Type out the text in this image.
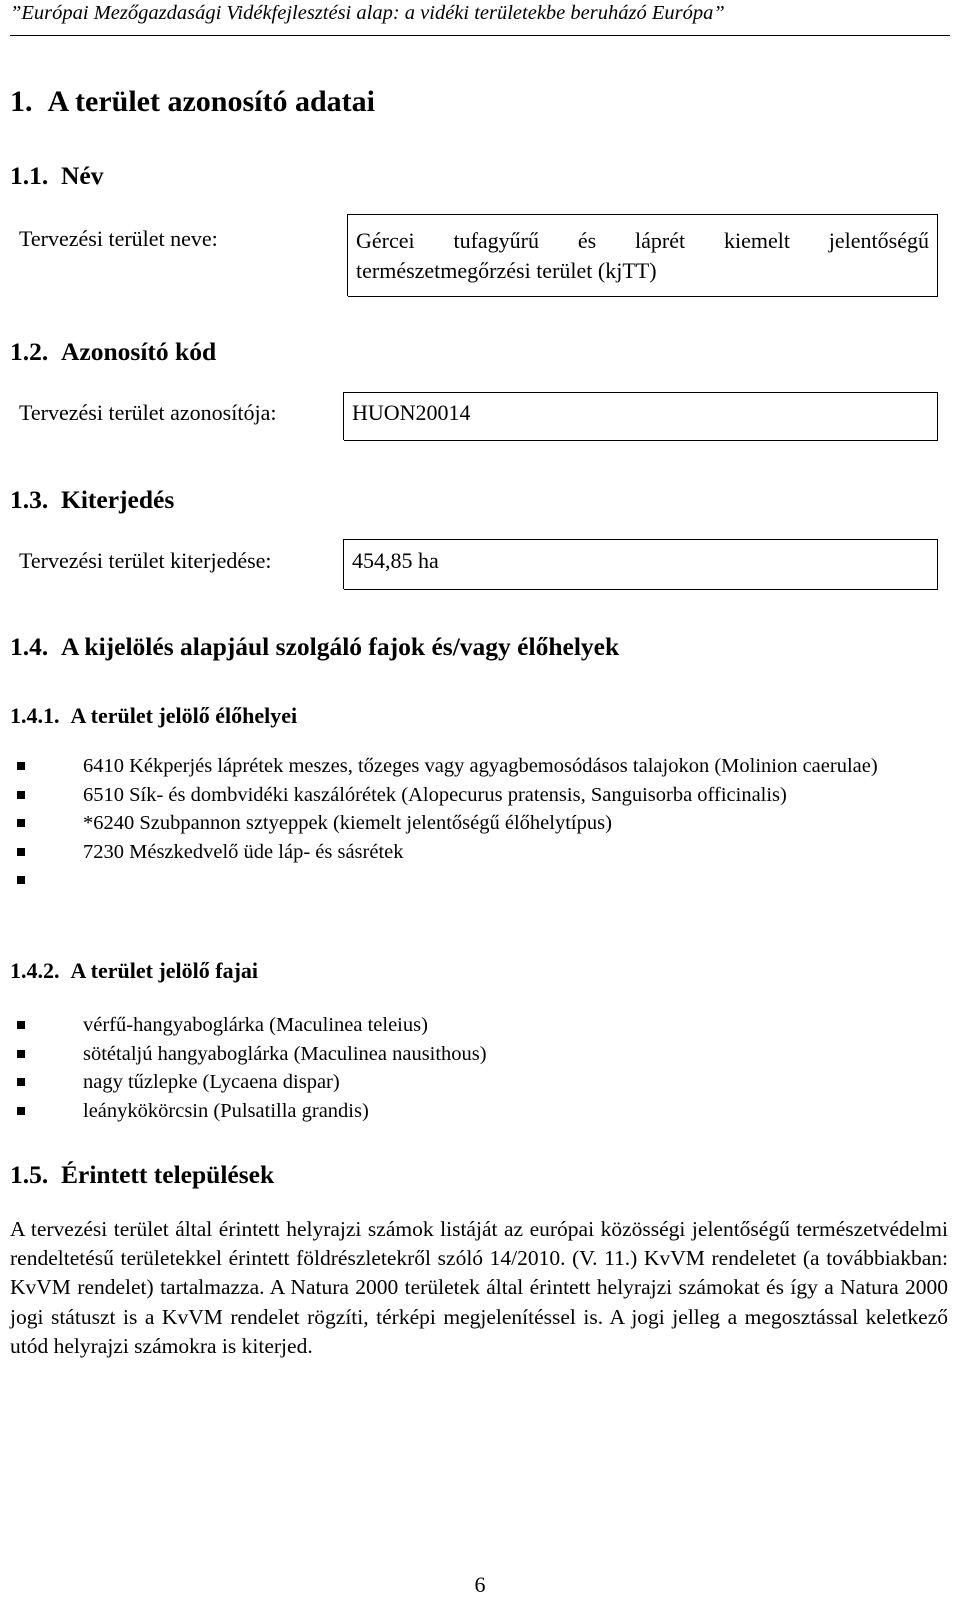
”Európai Mezőgazdasági Vidékfejlesztési alap: a vidéki területekbe beruházó Európa”
1. A terület azonosító adatai
1.1. Név
Tervezési terület neve:	Gércei tufagyűrű és láprét kiemelt jelentőségű
természetmegőrzési terület (kjTT)
1.2. Azonosító kód
Tervezési terület azonosítója:	HUON20014
1.3. Kiterjedés
Tervezési terület kiterjedése:	454,85 ha
1.4. A kijelölés alapjául szolgáló fajok és/vagy élőhelyek
1.4.1. A terület jelölő élőhelyei
6410 Kékperjés láprétek meszes, tőzeges vagy agyagbemosódásos talajokon (Molinion caerulae)
6510 Sík- és dombvidéki kaszálórétek (Alopecurus pratensis, Sanguisorba officinalis)
*6240 Szubpannon sztyeppek (kiemelt jelentőségű élőhelytípus)
7230 Mészkedvelő üde láp- és sásrétek
1.4.2. A terület jelölő fajai
vérfű-hangyaboglárka (Maculinea teleius)
sötétaljú hangyaboglárka (Maculinea nausithous)
nagy tűzlepke (Lycaena dispar)
leánykökörcsin (Pulsatilla grandis)
1.5. Érintett települések
A tervezési terület által érintett helyrajzi számok listáját az európai közösségi jelentőségű természetvédelmi rendeltetésű területekkel érintett földrészletekről szóló 14/2010. (V. 11.) KvVM rendeletet (a továbbiakban: KvVM rendelet) tartalmazza. A Natura 2000 területek által érintett helyrajzi számokat és így a Natura 2000 jogi státuszt is a KvVM rendelet rögzíti, térképi megjelenítéssel is. A jogi jelleg a megosztással keletkező utód helyrajzi számokra is kiterjed.
6
